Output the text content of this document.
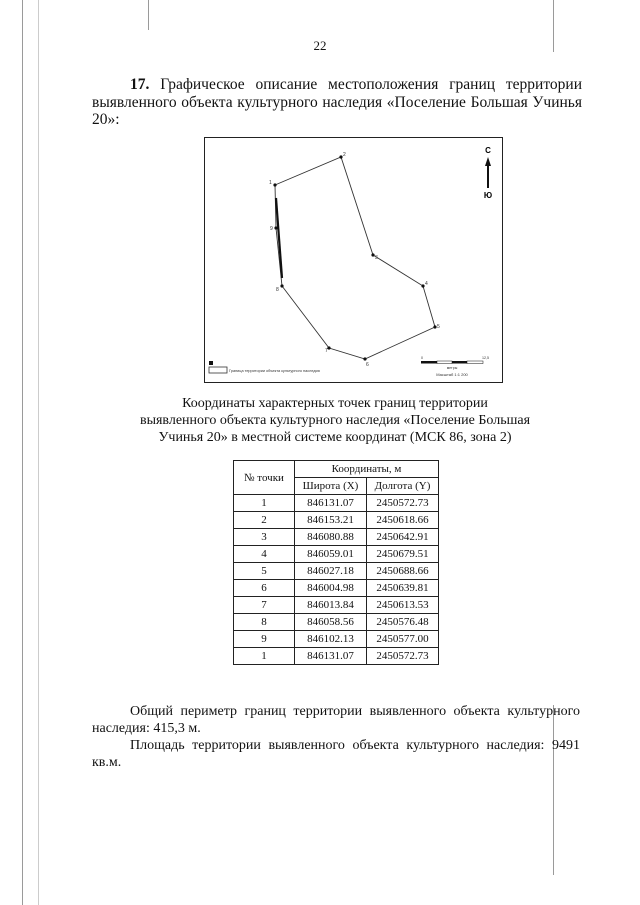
22
17. Графическое описание местоположения границ территории выявленного объекта культурного наследия «Поселение Большая Учинья 20»:
1
2
3
4
5
6
7
8
9
С
Ю
Граница территории объекта культурного наследия
0	12,5
метры
Масштаб 1:1 200
Координаты характерных точек границ территории
выявленного объекта культурного наследия «Поселение Большая
Учинья 20» в местной системе координат (МСК 86, зона 2)
№ точки	Координаты, м	
	Широта (X)	Долгота (Y)
1	846131.07	2450572.73
2	846153.21	2450618.66
3	846080.88	2450642.91
4	846059.01	2450679.51
5	846027.18	2450688.66
6	846004.98	2450639.81
7	846013.84	2450613.53
8	846058.56	2450576.48
9	846102.13	2450577.00
1	846131.07	2450572.73
Общий периметр границ территории выявленного объекта культурного наследия: 415,3 м.
Площадь территории выявленного объекта культурного наследия: 9491 кв.м.
